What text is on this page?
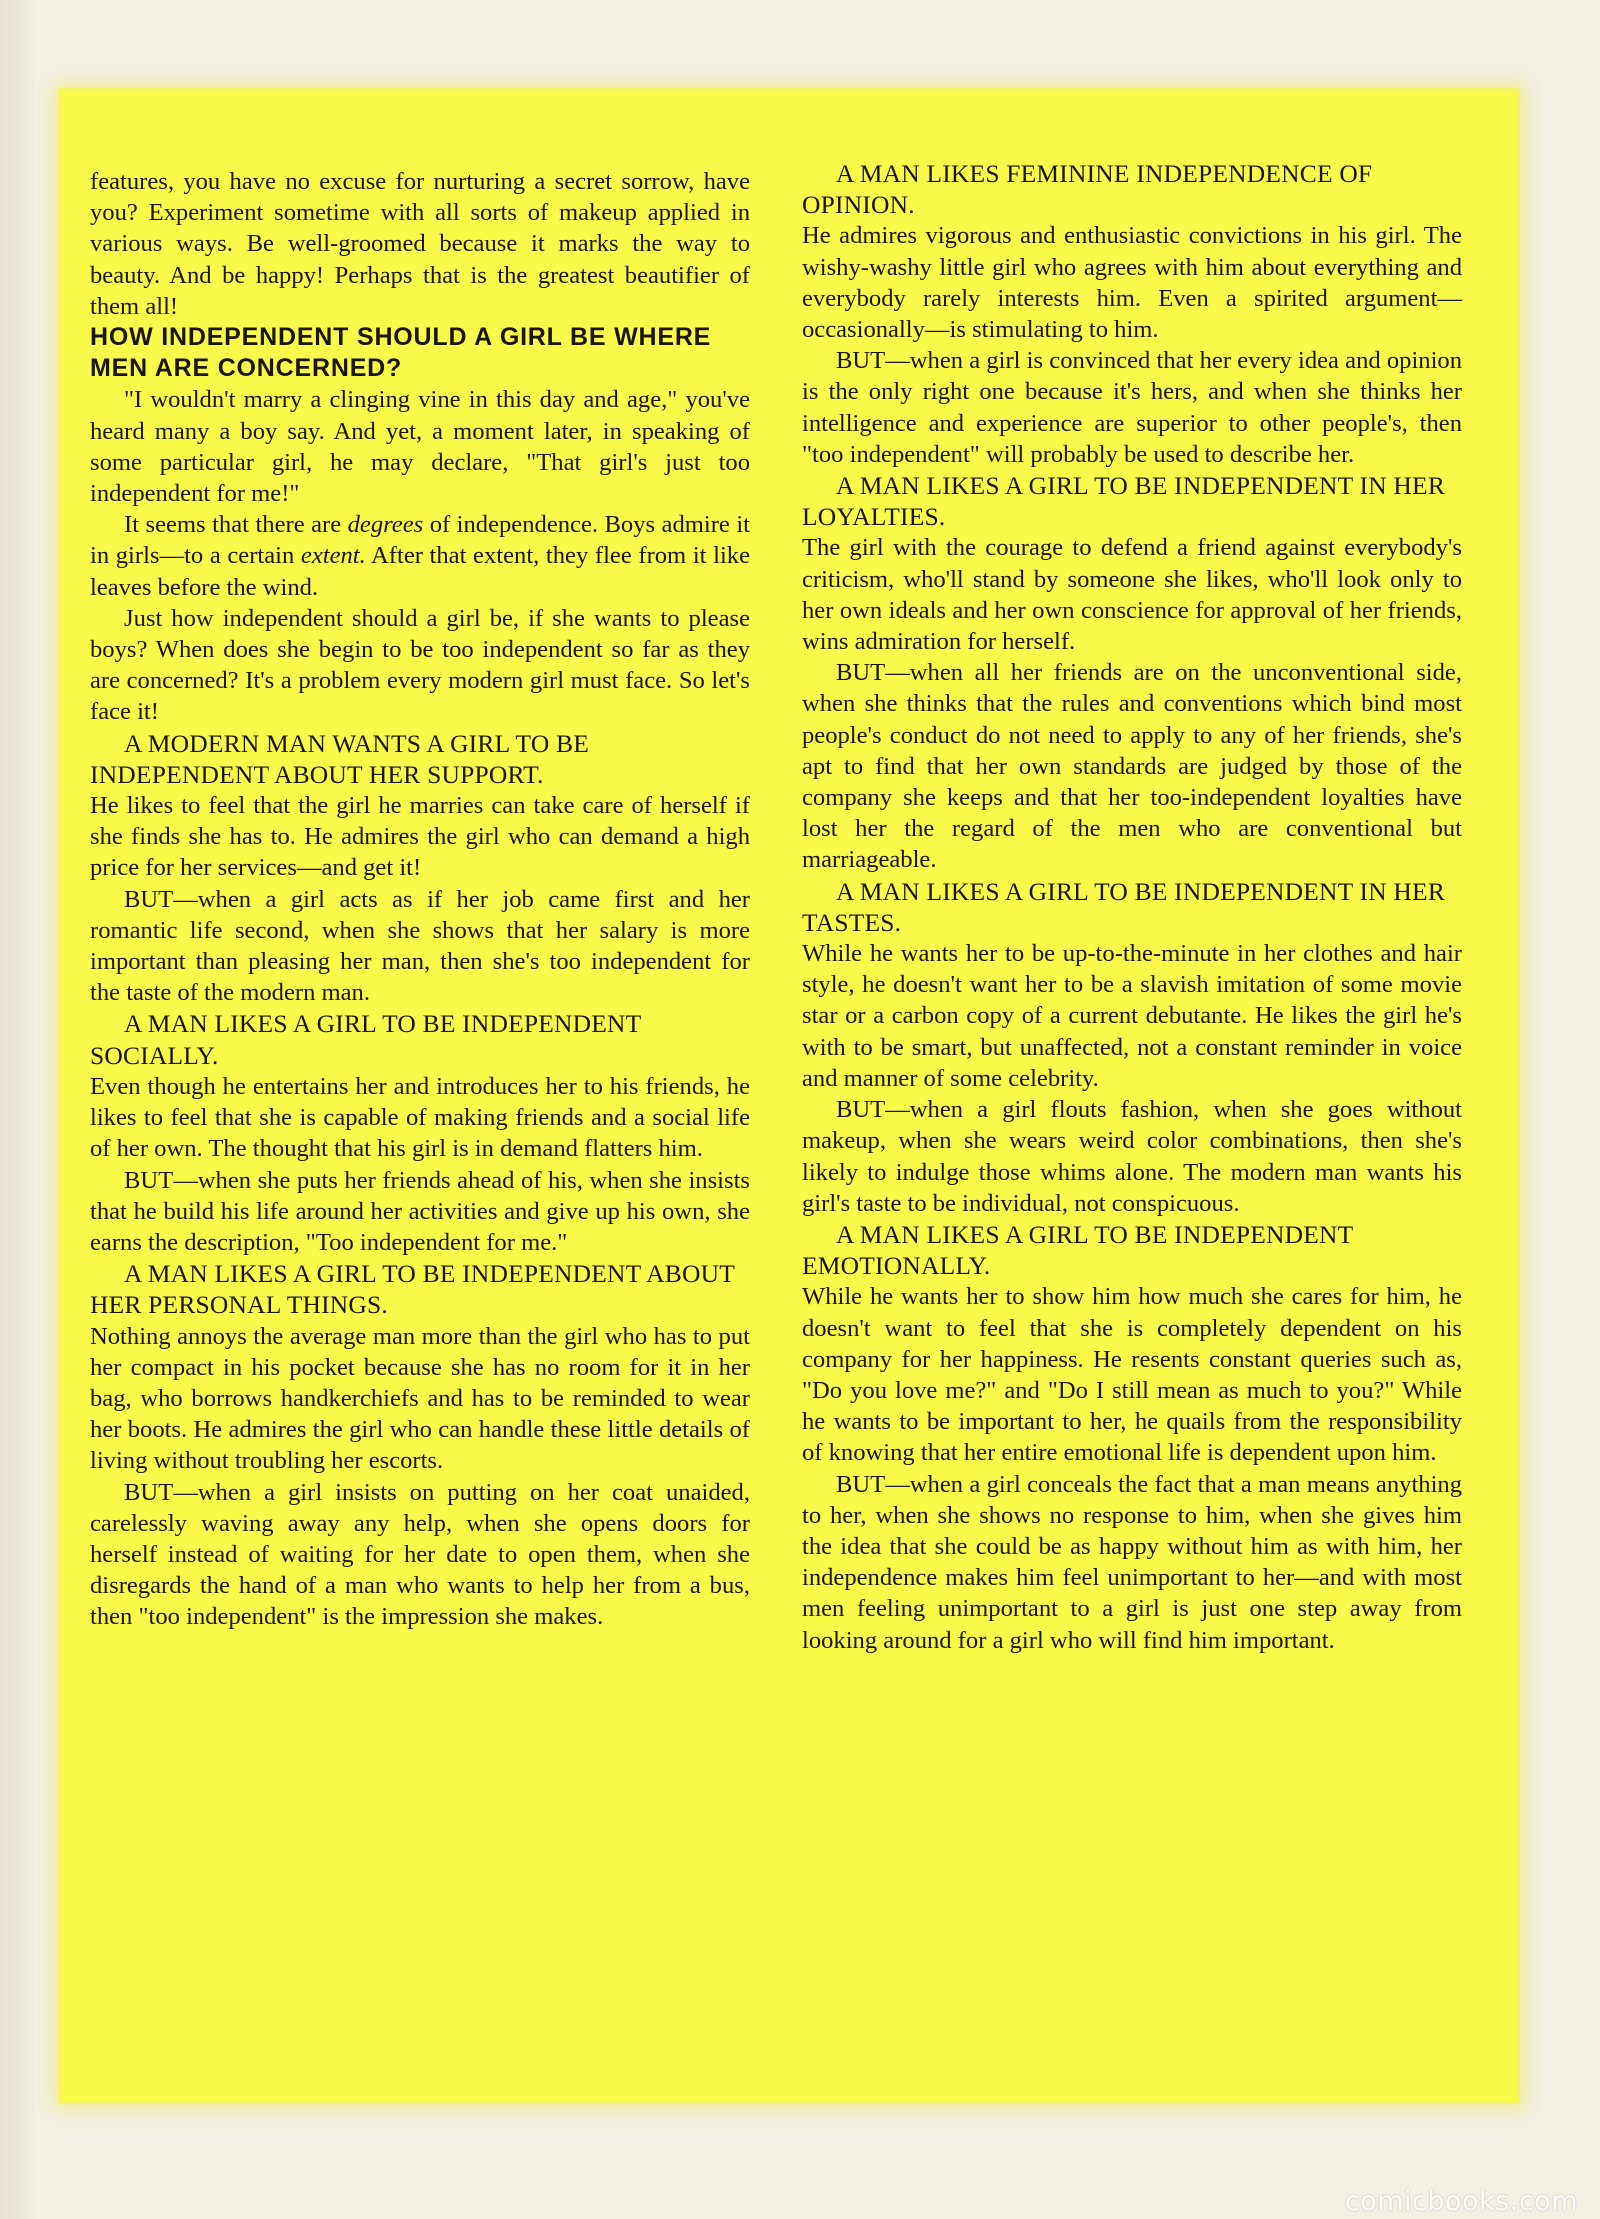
features, you have no excuse for nurturing a secret sorrow, have you? Experiment sometime with all sorts of makeup applied in various ways. Be well-groomed because it marks the way to beauty. And be happy! Perhaps that is the greatest beautifier of them all!

HOW INDEPENDENT SHOULD A GIRL BE WHERE MEN ARE CONCERNED?

"I wouldn't marry a clinging vine in this day and age," you've heard many a boy say. And yet, a moment later, in speaking of some particular girl, he may declare, "That girl's just too independent for me!"

It seems that there are degrees of independence. Boys admire it in girls—to a certain extent. After that extent, they flee from it like leaves before the wind.

Just how independent should a girl be, if she wants to please boys? When does she begin to be too independent so far as they are concerned? It's a problem every modern girl must face. So let's face it!

A MODERN MAN WANTS A GIRL TO BE INDEPENDENT ABOUT HER SUPPORT.

He likes to feel that the girl he marries can take care of herself if she finds she has to. He admires the girl who can demand a high price for her services—and get it!

BUT—when a girl acts as if her job came first and her romantic life second, when she shows that her salary is more important than pleasing her man, then she's too independent for the taste of the modern man.

A MAN LIKES A GIRL TO BE INDEPENDENT SOCIALLY.

Even though he entertains her and introduces her to his friends, he likes to feel that she is capable of making friends and a social life of her own. The thought that his girl is in demand flatters him.

BUT—when she puts her friends ahead of his, when she insists that he build his life around her activities and give up his own, she earns the description, "Too independent for me."

A MAN LIKES A GIRL TO BE INDEPENDENT ABOUT HER PERSONAL THINGS.

Nothing annoys the average man more than the girl who has to put her compact in his pocket because she has no room for it in her bag, who borrows handkerchiefs and has to be reminded to wear her boots. He admires the girl who can handle these little details of living without troubling her escorts.

BUT—when a girl insists on putting on her coat unaided, carelessly waving away any help, when she opens doors for herself instead of waiting for her date to open them, when she disregards the hand of a man who wants to help her from a bus, then "too independent" is the impression she makes.

A MAN LIKES FEMININE INDEPENDENCE OF OPINION.

He admires vigorous and enthusiastic convictions in his girl. The wishy-washy little girl who agrees with him about everything and everybody rarely interests him. Even a spirited argument—occasionally—is stimulating to him.

BUT—when a girl is convinced that her every idea and opinion is the only right one because it's hers, and when she thinks her intelligence and experience are superior to other people's, then "too independent" will probably be used to describe her.

A MAN LIKES A GIRL TO BE INDEPENDENT IN HER LOYALTIES.

The girl with the courage to defend a friend against everybody's criticism, who'll stand by someone she likes, who'll look only to her own ideals and her own conscience for approval of her friends, wins admiration for herself.

BUT—when all her friends are on the unconventional side, when she thinks that the rules and conventions which bind most people's conduct do not need to apply to any of her friends, she's apt to find that her own standards are judged by those of the company she keeps and that her too-independent loyalties have lost her the regard of the men who are conventional but marriageable.

A MAN LIKES A GIRL TO BE INDEPENDENT IN HER TASTES.

While he wants her to be up-to-the-minute in her clothes and hair style, he doesn't want her to be a slavish imitation of some movie star or a carbon copy of a current debutante. He likes the girl he's with to be smart, but unaffected, not a constant reminder in voice and manner of some celebrity.

BUT—when a girl flouts fashion, when she goes without makeup, when she wears weird color combinations, then she's likely to indulge those whims alone. The modern man wants his girl's taste to be individual, not conspicuous.

A MAN LIKES A GIRL TO BE INDEPENDENT EMOTIONALLY.

While he wants her to show him how much she cares for him, he doesn't want to feel that she is completely dependent on his company for her happiness. He resents constant queries such as, "Do you love me?" and "Do I still mean as much to you?" While he wants to be important to her, he quails from the responsibility of knowing that her entire emotional life is dependent upon him.

BUT—when a girl conceals the fact that a man means anything to her, when she shows no response to him, when she gives him the idea that she could be as happy without him as with him, her independence makes him feel unimportant to her—and with most men feeling unimportant to a girl is just one step away from looking around for a girl who will find him important.

comicbooks.com
